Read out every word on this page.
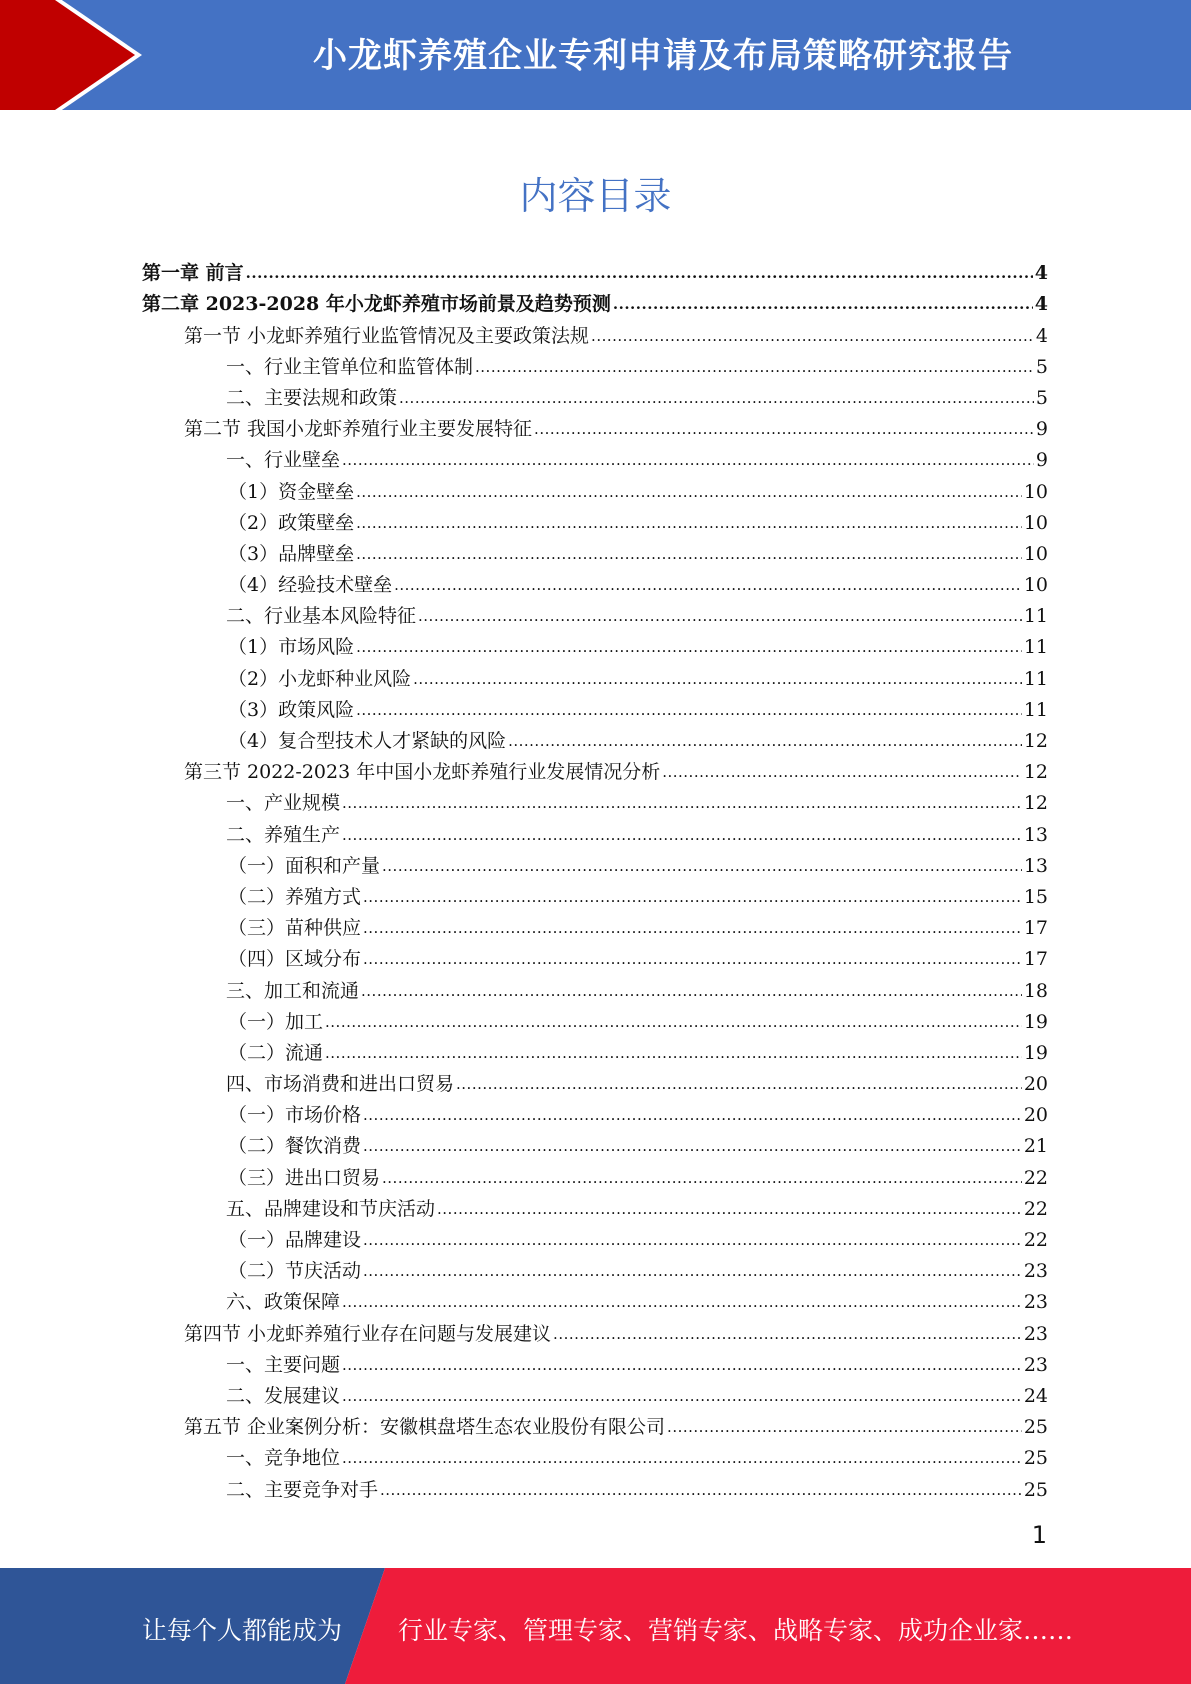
小龙虾养殖企业专利申请及布局策略研究报告
内容目录
第一章 前言 .....	4
第二章 2023-2028 年小龙虾养殖市场前景及趋势预测 .....	4
第一节 小龙虾养殖行业监管情况及主要政策法规 .....	4
一、行业主管单位和监管体制 .....	5
二、主要法规和政策 .....	5
第二节 我国小龙虾养殖行业主要发展特征 .....	9
一、行业壁垒 .....	9
（1）资金壁垒 .....	10
（2）政策壁垒 .....	10
（3）品牌壁垒 .....	10
（4）经验技术壁垒 .....	10
二、行业基本风险特征 .....	11
（1）市场风险 .....	11
（2）小龙虾种业风险 .....	11
（3）政策风险 .....	11
（4）复合型技术人才紧缺的风险 .....	12
第三节 2022-2023 年中国小龙虾养殖行业发展情况分析 .....	12
一、产业规模 .....	12
二、养殖生产 .....	13
（一）面积和产量 .....	13
（二）养殖方式 .....	15
（三）苗种供应 .....	17
（四）区域分布 .....	17
三、加工和流通 .....	18
（一）加工 .....	19
（二）流通 .....	19
四、市场消费和进出口贸易 .....	20
（一）市场价格 .....	20
（二）餐饮消费 .....	21
（三）进出口贸易 .....	22
五、品牌建设和节庆活动 .....	22
（一）品牌建设 .....	22
（二）节庆活动 .....	23
六、政策保障 .....	23
第四节 小龙虾养殖行业存在问题与发展建议 .....	23
一、主要问题 .....	23
二、发展建议 .....	24
第五节 企业案例分析：安徽棋盘塔生态农业股份有限公司 .....	25
一、竞争地位 .....	25
二、主要竞争对手 .....	25
1
让每个人都能成为 行业专家、管理专家、营销专家、战略专家、成功企业家……
